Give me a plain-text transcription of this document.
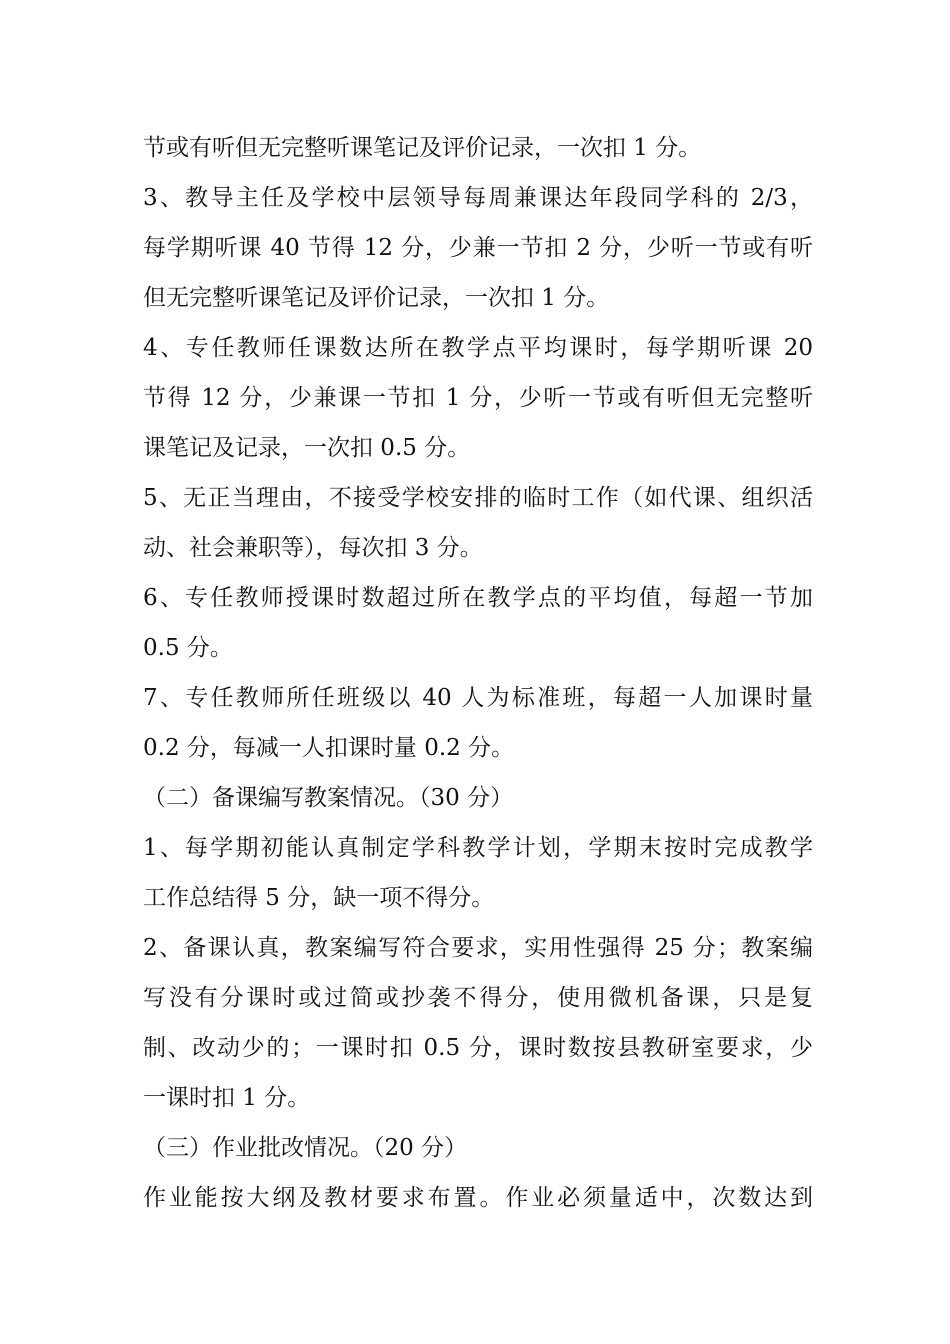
节或有听但无完整听课笔记及评价记录，一次扣 1 分。
3、教导主任及学校中层领导每周兼课达年段同学科的 2/3，
每学期听课 40 节得 12 分，少兼一节扣 2 分，少听一节或有听
但无完整听课笔记及评价记录，一次扣 1 分。
4、专任教师任课数达所在教学点平均课时，每学期听课 20
节得 12 分，少兼课一节扣 1 分，少听一节或有听但无完整听
课笔记及记录，一次扣 0.5 分。
5、无正当理由，不接受学校安排的临时工作（如代课、组织活
动、社会兼职等），每次扣 3 分。
6、专任教师授课时数超过所在教学点的平均值，每超一节加
0.5 分。
7、专任教师所任班级以 40 人为标准班，每超一人加课时量
0.2 分，每减一人扣课时量 0.2 分。
（二）备课编写教案情况。（30 分）
1、每学期初能认真制定学科教学计划，学期末按时完成教学
工作总结得 5 分，缺一项不得分。
2、备课认真，教案编写符合要求，实用性强得 25 分；教案编
写没有分课时或过简或抄袭不得分，使用微机备课，只是复
制、改动少的；一课时扣 0.5 分，课时数按县教研室要求，少
一课时扣 1 分。
（三）作业批改情况。（20 分）
作业能按大纲及教材要求布置。作业必须量适中，次数达到
